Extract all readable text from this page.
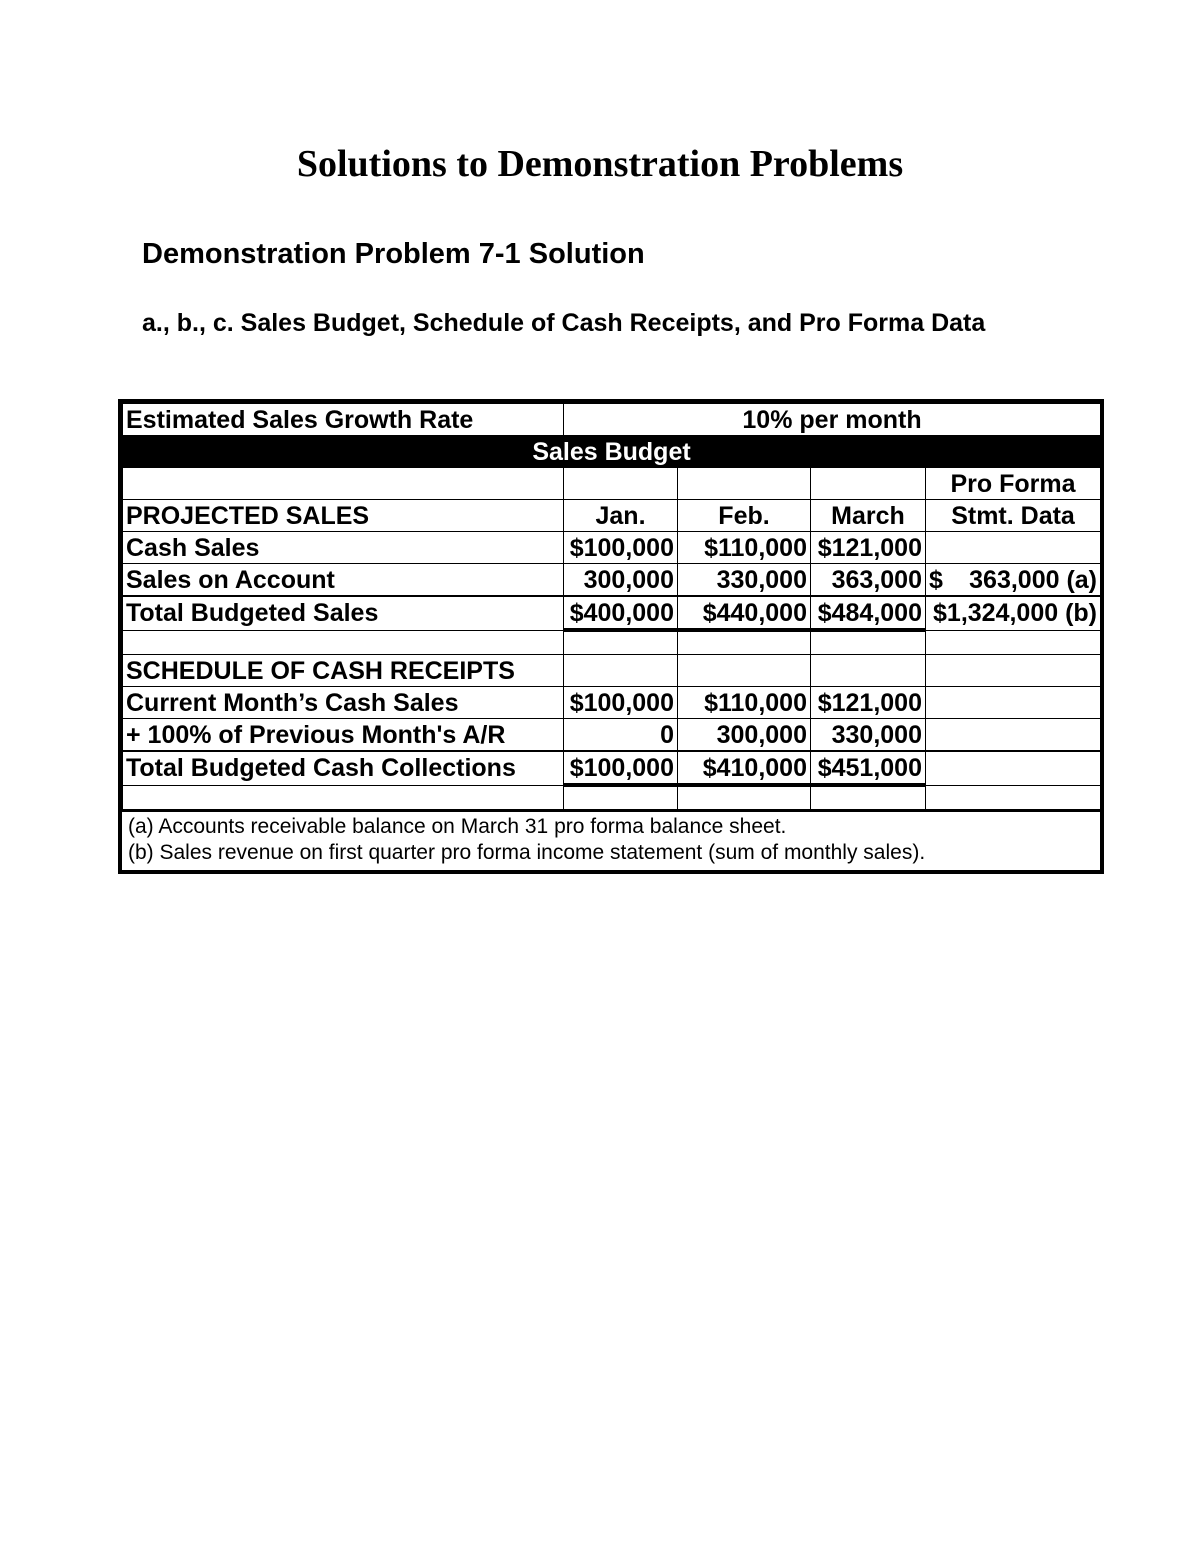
Solutions to Demonstration Problems
Demonstration Problem 7-1 Solution
a., b., c. Sales Budget, Schedule of Cash Receipts, and Pro Forma Data
Estimated Sales Growth Rate	10% per month			
Sales Budget				
				Pro Forma
PROJECTED SALES	Jan.	Feb.	March	Stmt. Data
Cash Sales	$100,000	$110,000	$121,000	
Sales on Account	300,000	330,000	363,000	$ 363,000 (a)

Total Budgeted Sales	$400,000	$440,000	$484,000	$1,324,000 (b)

SCHEDULE OF CASH RECEIPTS				
Current Month’s Cash Sales	$100,000	$110,000	$121,000	
+ 100% of Previous Month's A/R	0	300,000	330,000	
Total Budgeted Cash Collections	$100,000	$410,000	$451,000	

(a) Accounts receivable balance on March 31 pro forma balance sheet.
(b) Sales revenue on first quarter pro forma income statement (sum of monthly sales).
